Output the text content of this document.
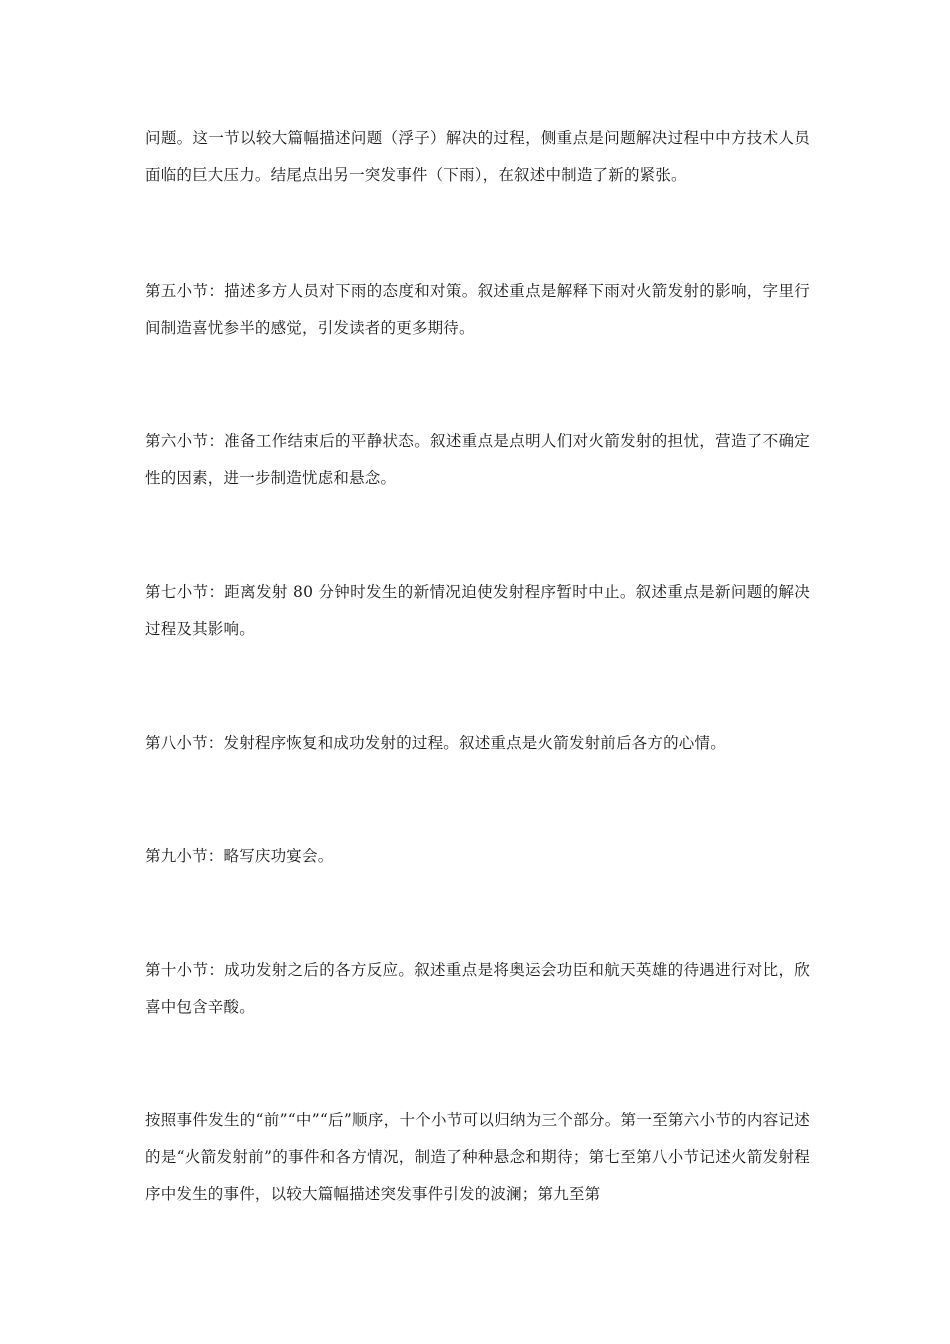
问题。这一节以较大篇幅描述问题（浮子）解决的过程，侧重点是问题解决过程中中方技术人员面临的巨大压力。结尾点出另一突发事件（下雨），在叙述中制造了新的紧张。

第五小节：描述多方人员对下雨的态度和对策。叙述重点是解释下雨对火箭发射的影响，字里行间制造喜忧参半的感觉，引发读者的更多期待。

第六小节：准备工作结束后的平静状态。叙述重点是点明人们对火箭发射的担忧，营造了不确定性的因素，进一步制造忧虑和悬念。

第七小节：距离发射 80 分钟时发生的新情况迫使发射程序暂时中止。叙述重点是新问题的解决过程及其影响。

第八小节：发射程序恢复和成功发射的过程。叙述重点是火箭发射前后各方的心情。

第九小节：略写庆功宴会。

第十小节：成功发射之后的各方反应。叙述重点是将奥运会功臣和航天英雄的待遇进行对比，欣喜中包含辛酸。

按照事件发生的“前”“中”“后”顺序，十个小节可以归纳为三个部分。第一至第六小节的内容记述的是“火箭发射前”的事件和各方情况，制造了种种悬念和期待；第七至第八小节记述火箭发射程序中发生的事件，以较大篇幅描述突发事件引发的波澜；第九至第
